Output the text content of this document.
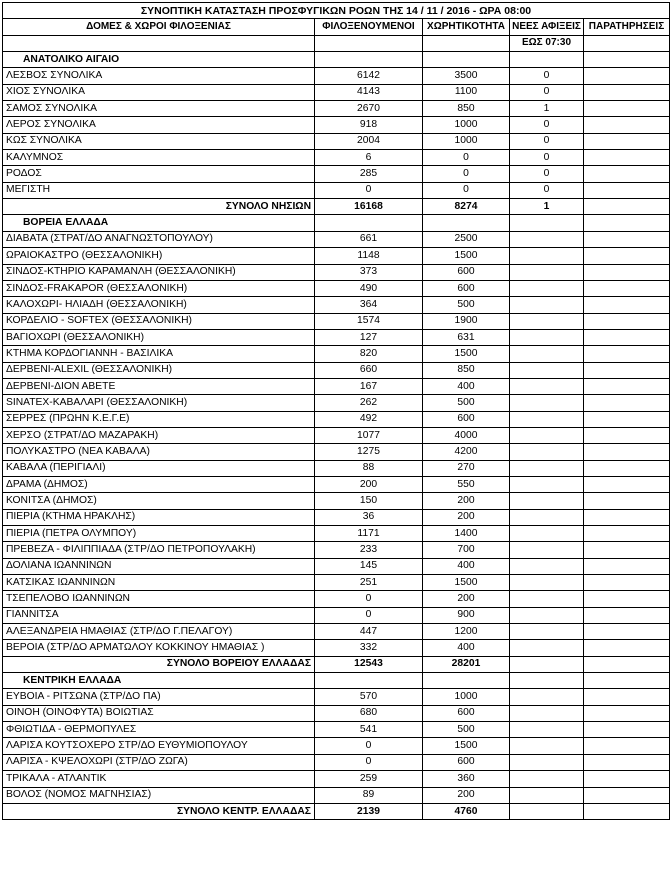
ΣΥΝΟΠΤΙΚΗ ΚΑΤΑΣΤΑΣΗ ΠΡΟΣΦΥΓΙΚΩΝ ΡΟΩΝ ΤΗΣ 14 / 11 / 2016 - ΩΡΑ 08:00				
ΔΟΜΕΣ & ΧΩΡΟΙ ΦΙΛΟΞΕΝΙΑΣ	ΦΙΛΟΞΕΝΟΥΜΕΝΟΙ	ΧΩΡΗΤΙΚΟΤΗΤΑ	ΝΕΕΣ ΑΦΙΞΕΙΣ	ΠΑΡΑΤΗΡΗΣΕΙΣ
			ΕΩΣ 07:30	
ΑΝΑΤΟΛΙΚΟ ΑΙΓΑΙΟ				
ΛΕΣΒΟΣ ΣΥΝΟΛΙΚΑ	6142	3500	0	
ΧΙΟΣ ΣΥΝΟΛΙΚΑ	4143	1100	0	
ΣΑΜΟΣ ΣΥΝΟΛΙΚΑ	2670	850	1	
ΛΕΡΟΣ ΣΥΝΟΛΙΚΑ	918	1000	0	
ΚΩΣ ΣΥΝΟΛΙΚΑ	2004	1000	0	
ΚΑΛΥΜΝΟΣ	6	0	0	
ΡΟΔΟΣ	285	0	0	
ΜΕΓΙΣΤΗ	0	0	0	
ΣΥΝΟΛΟ ΝΗΣΙΩΝ	16168	8274	1	
ΒΟΡΕΙΑ ΕΛΛΑΔΑ				
ΔΙΑΒΑΤΑ (ΣΤΡΑΤ/ΔΟ ΑΝΑΓΝΩΣΤΟΠΟΥΛΟΥ)	661	2500		
ΩΡΑΙΟΚΑΣΤΡΟ (ΘΕΣΣΑΛΟΝΙΚΗ)	1148	1500		
ΣΙΝΔΟΣ-ΚΤΗΡΙΟ ΚΑΡΑΜΑΝΛΗ (ΘΕΣΣΑΛΟΝΙΚΗ)	373	600		
ΣΙΝΔΟΣ-FRAKAPOR (ΘΕΣΣΑΛΟΝΙΚΗ)	490	600		
ΚΑΛΟΧΩΡΙ- ΗΛΙΑΔΗ (ΘΕΣΣΑΛΟΝΙΚΗ)	364	500		
ΚΟΡΔΕΛΙΟ - SOFTEX (ΘΕΣΣΑΛΟΝΙΚΗ)	1574	1900		
ΒΑΓΙΟΧΩΡΙ (ΘΕΣΣΑΛΟΝΙΚΗ)	127	631		
ΚΤΗΜΑ ΚΟΡΔΟΓΙΑΝΝΗ - ΒΑΣΙΛΙΚΑ	820	1500		
ΔΕΡΒΕΝΙ-ALEXIL (ΘΕΣΣΑΛΟΝΙΚΗ)	660	850		
ΔΕΡΒΕΝΙ-ΔΙΟΝ ΑΒΕΤΕ	167	400		
SINATEX-ΚΑΒΑΛΑΡΙ (ΘΕΣΣΑΛΟΝΙΚΗ)	262	500		
ΣΕΡΡΕΣ (ΠΡΩΗΝ Κ.Ε.Γ.Ε)	492	600		
ΧΕΡΣΟ (ΣΤΡΑΤ/ΔΟ ΜΑΖΑΡΑΚΗ)	1077	4000		
ΠΟΛΥΚΑΣΤΡΟ (ΝΕΑ ΚΑΒΑΛΑ)	1275	4200		
ΚΑΒΑΛΑ (ΠΕΡΙΓΙΑΛΙ)	88	270		
ΔΡΑΜΑ (ΔΗΜΟΣ)	200	550		
ΚΟΝΙΤΣΑ (ΔΗΜΟΣ)	150	200		
ΠΙΕΡΙΑ (ΚΤΗΜΑ ΗΡΑΚΛΗΣ)	36	200		
ΠΙΕΡΙΑ (ΠΕΤΡΑ ΟΛΥΜΠΟΥ)	1171	1400		
ΠΡΕΒΕΖΑ - ΦΙΛΙΠΠΙΑΔΑ (ΣΤΡ/ΔΟ ΠΕΤΡΟΠΟΥΛΑΚΗ)	233	700		
ΔΟΛΙΑΝΑ ΙΩΑΝΝΙΝΩΝ	145	400		
ΚΑΤΣΙΚΑΣ ΙΩΑΝΝΙΝΩΝ	251	1500		
ΤΣΕΠΕΛΟΒΟ ΙΩΑΝΝΙΝΩΝ	0	200		
ΓΙΑΝΝΙΤΣΑ	0	900		
ΑΛΕΞΑΝΔΡΕΙΑ ΗΜΑΘΙΑΣ (ΣΤΡ/ΔΟ Γ.ΠΕΛΑΓΟΥ)	447	1200		
ΒΕΡΟΙΑ (ΣΤΡ/ΔΟ ΑΡΜΑΤΩΛΟΥ ΚΟΚΚΙΝΟΥ ΗΜΑΘΙΑΣ )	332	400		
ΣΥΝΟΛΟ ΒΟΡΕΙΟΥ ΕΛΛΑΔΑΣ	12543	28201		
ΚΕΝΤΡΙΚΗ ΕΛΛΑΔΑ				
ΕΥΒΟΙΑ - ΡΙΤΣΩΝΑ (ΣΤΡ/ΔΟ ΠΑ)	570	1000		
ΟΙΝΟΗ (ΟΙΝΟΦΥΤΑ) ΒΟΙΩΤΙΑΣ	680	600		
ΦΘΙΩΤΙΔΑ - ΘΕΡΜΟΠΥΛΕΣ	541	500		
ΛΑΡΙΣΑ ΚΟΥΤΣΟΧΕΡΟ ΣΤΡ/ΔΟ ΕΥΘΥΜΙΟΠΟΥΛΟΥ	0	1500		
ΛΑΡΙΣΑ - ΚΨΕΛΟΧΩΡΙ (ΣΤΡ/ΔΟ ΖΩΓΑ)	0	600		
ΤΡΙΚΑΛΑ - ΑΤΛΑΝΤΙΚ	259	360		
ΒΟΛΟΣ (ΝΟΜΟΣ ΜΑΓΝΗΣΙΑΣ)	89	200		
ΣΥΝΟΛΟ ΚΕΝΤΡ. ΕΛΛΑΔΑΣ	2139	4760		
